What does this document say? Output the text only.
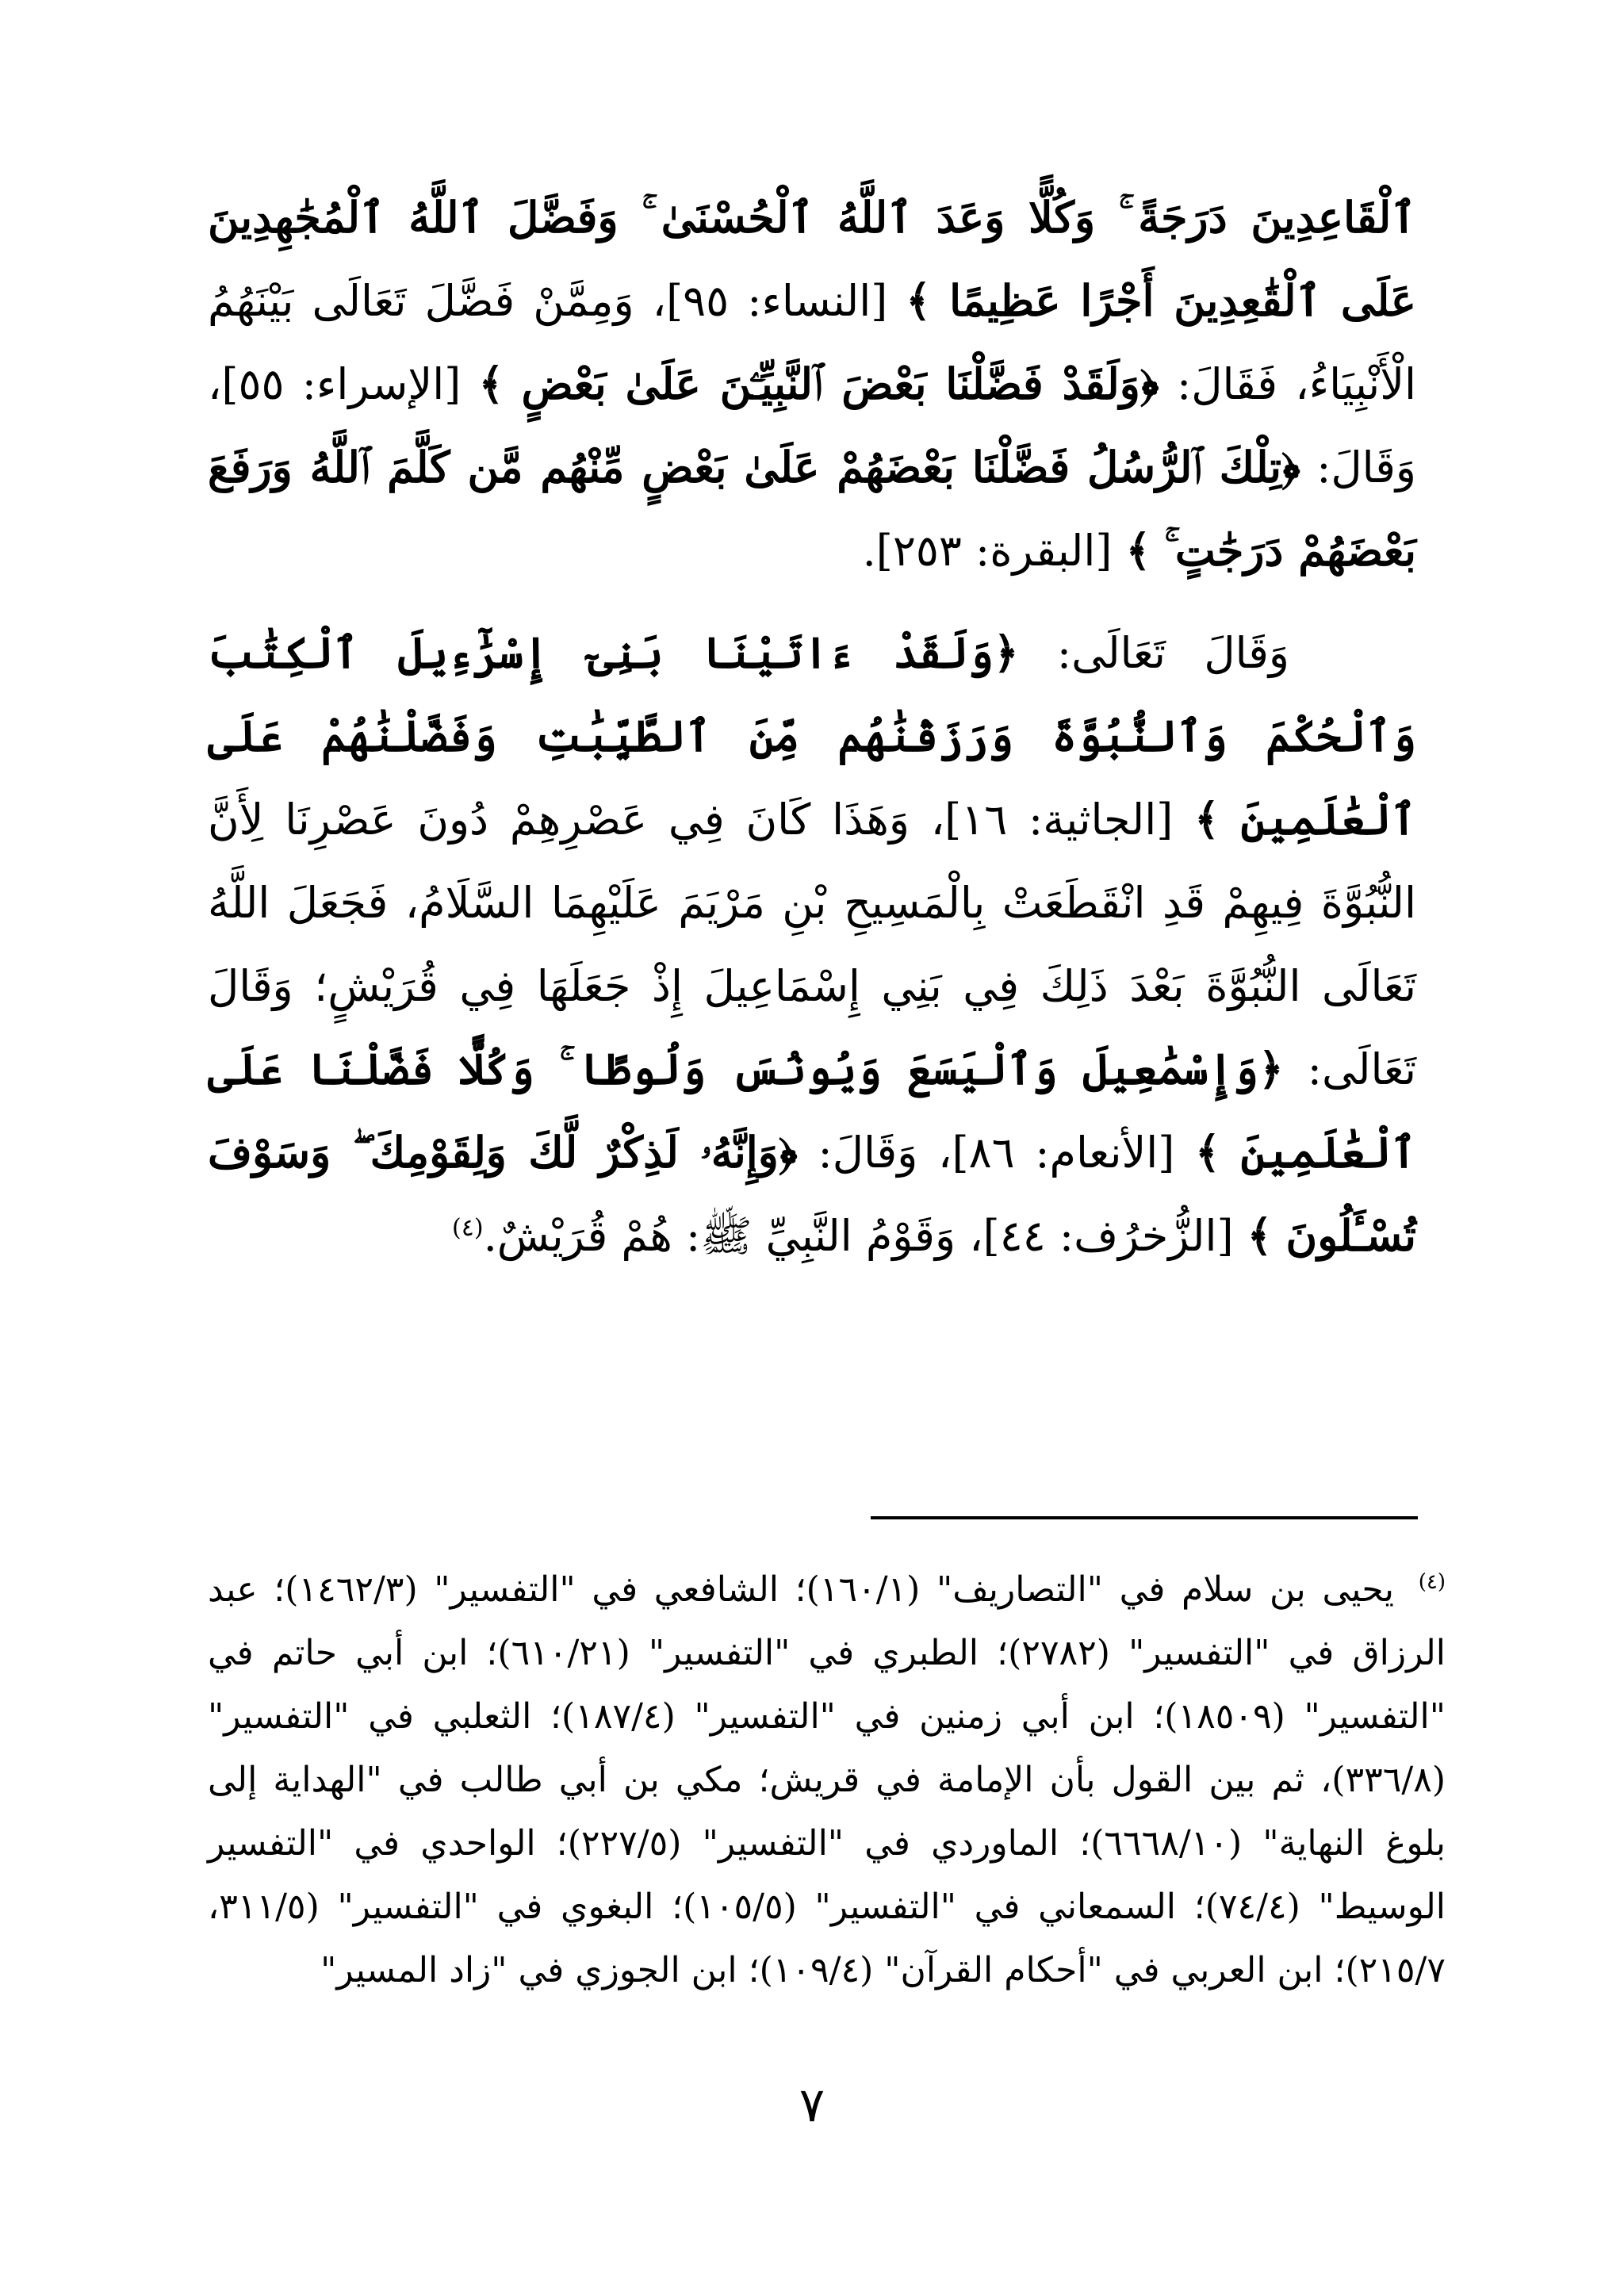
ٱلْقَاعِدِينَ دَرَجَةً ۚ وَكُلًّا وَعَدَ ٱللَّهُ ٱلْحُسْنَىٰ ۚ وَفَضَّلَ ٱللَّهُ ٱلْمُجَٰهِدِينَ عَلَى ٱلْقَٰعِدِينَ أَجْرًا عَظِيمًا ﴾ [النساء: ٩٥]، وَمِمَّنْ فَضَّلَ تَعَالَى بَيْنَهُمُ الْأَنْبِيَاءُ، فَقَالَ: ﴿وَلَقَدْ فَضَّلْنَا بَعْضَ ٱلنَّبِيِّـۧنَ عَلَىٰ بَعْضٍ ﴾ [الإسراء: ٥٥]، وَقَالَ: ﴿تِلْكَ ٱلرُّسُلُ فَضَّلْنَا بَعْضَهُمْ عَلَىٰ بَعْضٍ مِّنْهُم مَّن كَلَّمَ ٱللَّهُ وَرَفَعَ بَعْضَهُمْ دَرَجَٰتٍ ۚ ﴾ [البقرة: ٢٥٣].

وَقَالَ تَعَالَى: ﴿وَلَقَدْ ءَاتَيْنَا بَنِىٓ إِسْرَٰٓءِيلَ ٱلْكِتَٰبَ وَٱلْحُكْمَ وَٱلنُّبُوَّةَ وَرَزَقْنَٰهُم مِّنَ ٱلطَّيِّبَٰتِ وَفَضَّلْنَٰهُمْ عَلَى ٱلْعَٰلَمِينَ ﴾ [الجاثية: ١٦]، وَهَذَا كَانَ فِي عَصْرِهِمْ دُونَ عَصْرِنَا لِأَنَّ النُّبُوَّةَ فِيهِمْ قَدِ انْقَطَعَتْ بِالْمَسِيحِ بْنِ مَرْيَمَ عَلَيْهِمَا السَّلَامُ، فَجَعَلَ اللَّهُ تَعَالَى النُّبُوَّةَ بَعْدَ ذَلِكَ فِي بَنِي إِسْمَاعِيلَ إِذْ جَعَلَهَا فِي قُرَيْشٍ؛ وَقَالَ تَعَالَى: ﴿وَإِسْمَٰعِيلَ وَٱلْيَسَعَ وَيُونُسَ وَلُوطًا ۚ وَكُلًّا فَضَّلْنَا عَلَى ٱلْعَٰلَمِينَ ﴾ [الأنعام: ٨٦]، وَقَالَ: ﴿وَإِنَّهُۥ لَذِكْرٌ لَّكَ وَلِقَوْمِكَ ۖ وَسَوْفَ تُسْـَٔلُونَ ﴾ [الزُّخرُف: ٤٤]، وَقَوْمُ النَّبِيِّ ﷺ: هُمْ قُرَيْشٌ.$^{(٤)}$

$^{(٤)}$ يحيى بن سلام في "التصاريف" (١٦٠/١)؛ الشافعي في "التفسير" (١٤٦٢/٣)؛ عبد الرزاق في "التفسير" (٢٧٨٢)؛ الطبري في "التفسير" (٦١٠/٢١)؛ ابن أبي حاتم في "التفسير" (١٨٥٠٩)؛ ابن أبي زمنين في "التفسير" (١٨٧/٤)؛ الثعلبي في "التفسير" (٣٣٦/٨)، ثم بين القول بأن الإمامة في قريش؛ مكي بن أبي طالب في "الهداية إلى بلوغ النهاية" (٦٦٦٨/١٠)؛ الماوردي في "التفسير" (٢٢٧/٥)؛ الواحدي في "التفسير الوسيط" (٧٤/٤)؛ السمعاني في "التفسير" (١٠٥/٥)؛ البغوي في "التفسير" (٣١١/٥، ٢١٥/٧)؛ ابن العربي في "أحكام القرآن" (١٠٩/٤)؛ ابن الجوزي في "زاد المسير"

٧
